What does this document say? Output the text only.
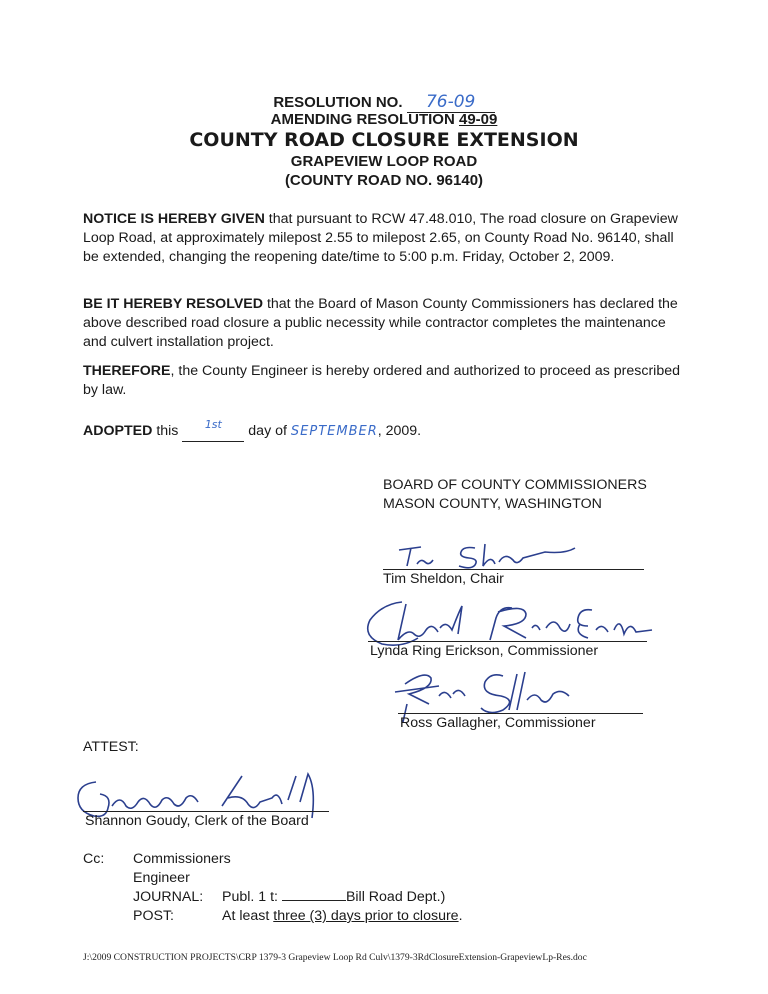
RESOLUTION NO. 76-09
AMENDING RESOLUTION 49-09
COUNTY ROAD CLOSURE EXTENSION
GRAPEVIEW LOOP ROAD
(COUNTY ROAD NO. 96140)

NOTICE IS HEREBY GIVEN that pursuant to RCW 47.48.010, The road closure on Grapeview Loop Road, at approximately milepost 2.55 to milepost 2.65, on County Road No. 96140, shall be extended, changing the reopening date/time to 5:00 p.m. Friday, October 2, 2009.

BE IT HEREBY RESOLVED that the Board of Mason County Commissioners has declared the above described road closure a public necessity while contractor completes the maintenance and culvert installation project.

THEREFORE, the County Engineer is hereby ordered and authorized to proceed as prescribed by law.

ADOPTED this $^{1st}$ day of SEPTEMBER, 2009.

BOARD OF COUNTY COMMISSIONERS
MASON COUNTY, WASHINGTON
Tim Sheldon, Chair
Lynda Ring Erickson, Commissioner
Ross Gallagher, Commissioner
ATTEST:
Shannon Goudy, Clerk of the Board
Cc: Commissioners
Engineer
JOURNAL: Publ. 1 t:	Bill Road Dept.)
POST:	At least three (3) days prior to closure.
J:\2009 CONSTRUCTION PROJECTS\CRP 1379-3 Grapeview Loop Rd Culv\1379-3RdClosureExtension-GrapeviewLp-Res.doc
